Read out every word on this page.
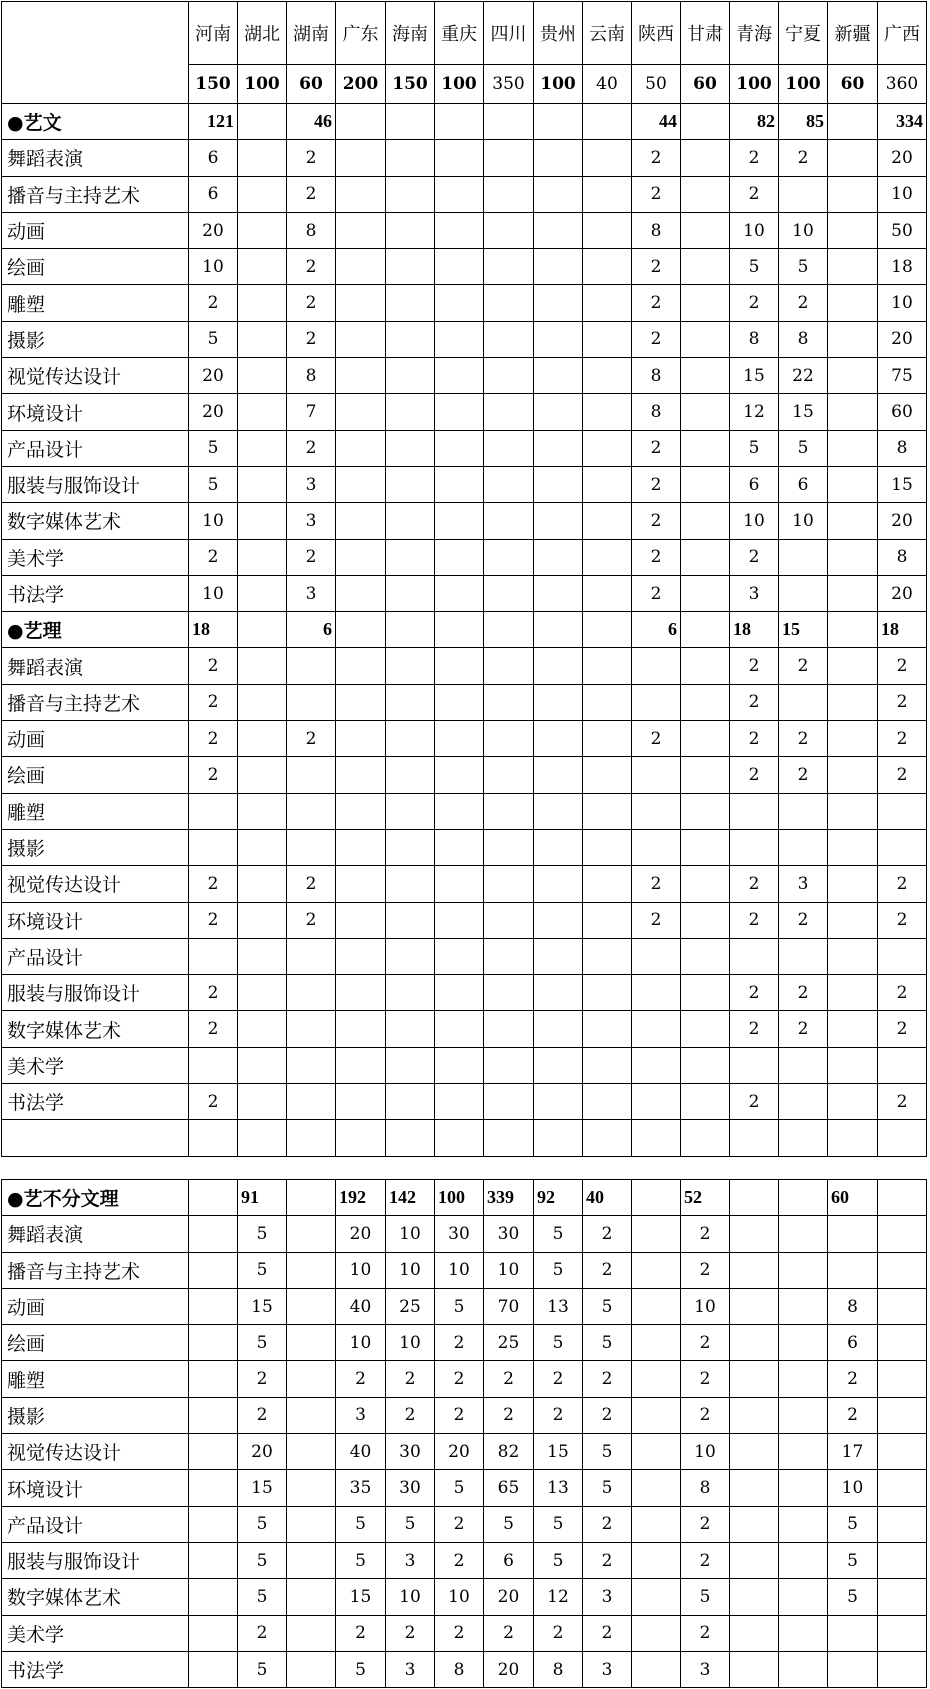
	河南	湖北	湖南	广东	海南	重庆	四川	贵州	云南	陕西	甘肃	青海	宁夏	新疆	广西
	150	100	60	200	150	100	350	100	40	50	60	100	100	60	360
●艺文	121		46							44		82	85		334
舞蹈表演	6		2							2		2	2		20
播音与主持艺术	6		2							2		2			10
动画	20		8							8		10	10		50
绘画	10		2							2		5	5		18
雕塑	2		2							2		2	2		10
摄影	5		2							2		8	8		20
视觉传达设计	20		8							8		15	22		75
环境设计	20		7							8		12	15		60
产品设计	5		2							2		5	5		8
服装与服饰设计	5		3							2		6	6		15
数字媒体艺术	10		3							2		10	10		20
美术学	2		2							2		2			8
书法学	10		3							2		3			20
●艺理	18		6							6		18	15		18
舞蹈表演	2											2	2		2
播音与主持艺术	2											2			2
动画	2		2							2		2	2		2
绘画	2											2	2		2
雕塑															
摄影															
视觉传达设计	2		2							2		2	3		2
环境设计	2		2							2		2	2		2
产品设计															
服装与服饰设计	2											2	2		2
数字媒体艺术	2											2	2		2
美术学															
书法学	2											2			2

●艺不分文理		91		192	142	100	339	92	40		52			60	
舞蹈表演		5		20	10	30	30	5	2		2				
播音与主持艺术		5		10	10	10	10	5	2		2				
动画		15		40	25	5	70	13	5		10			8	
绘画		5		10	10	2	25	5	5		2			6	
雕塑		2		2	2	2	2	2	2		2			2	
摄影		2		3	2	2	2	2	2		2			2	
视觉传达设计		20		40	30	20	82	15	5		10			17	
环境设计		15		35	30	5	65	13	5		8			10	
产品设计		5		5	5	2	5	5	2		2			5	
服装与服饰设计		5		5	3	2	6	5	2		2			5	
数字媒体艺术		5		15	10	10	20	12	3		5			5	
美术学		2		2	2	2	2	2	2		2				
书法学		5		5	3	8	20	8	3		3				
